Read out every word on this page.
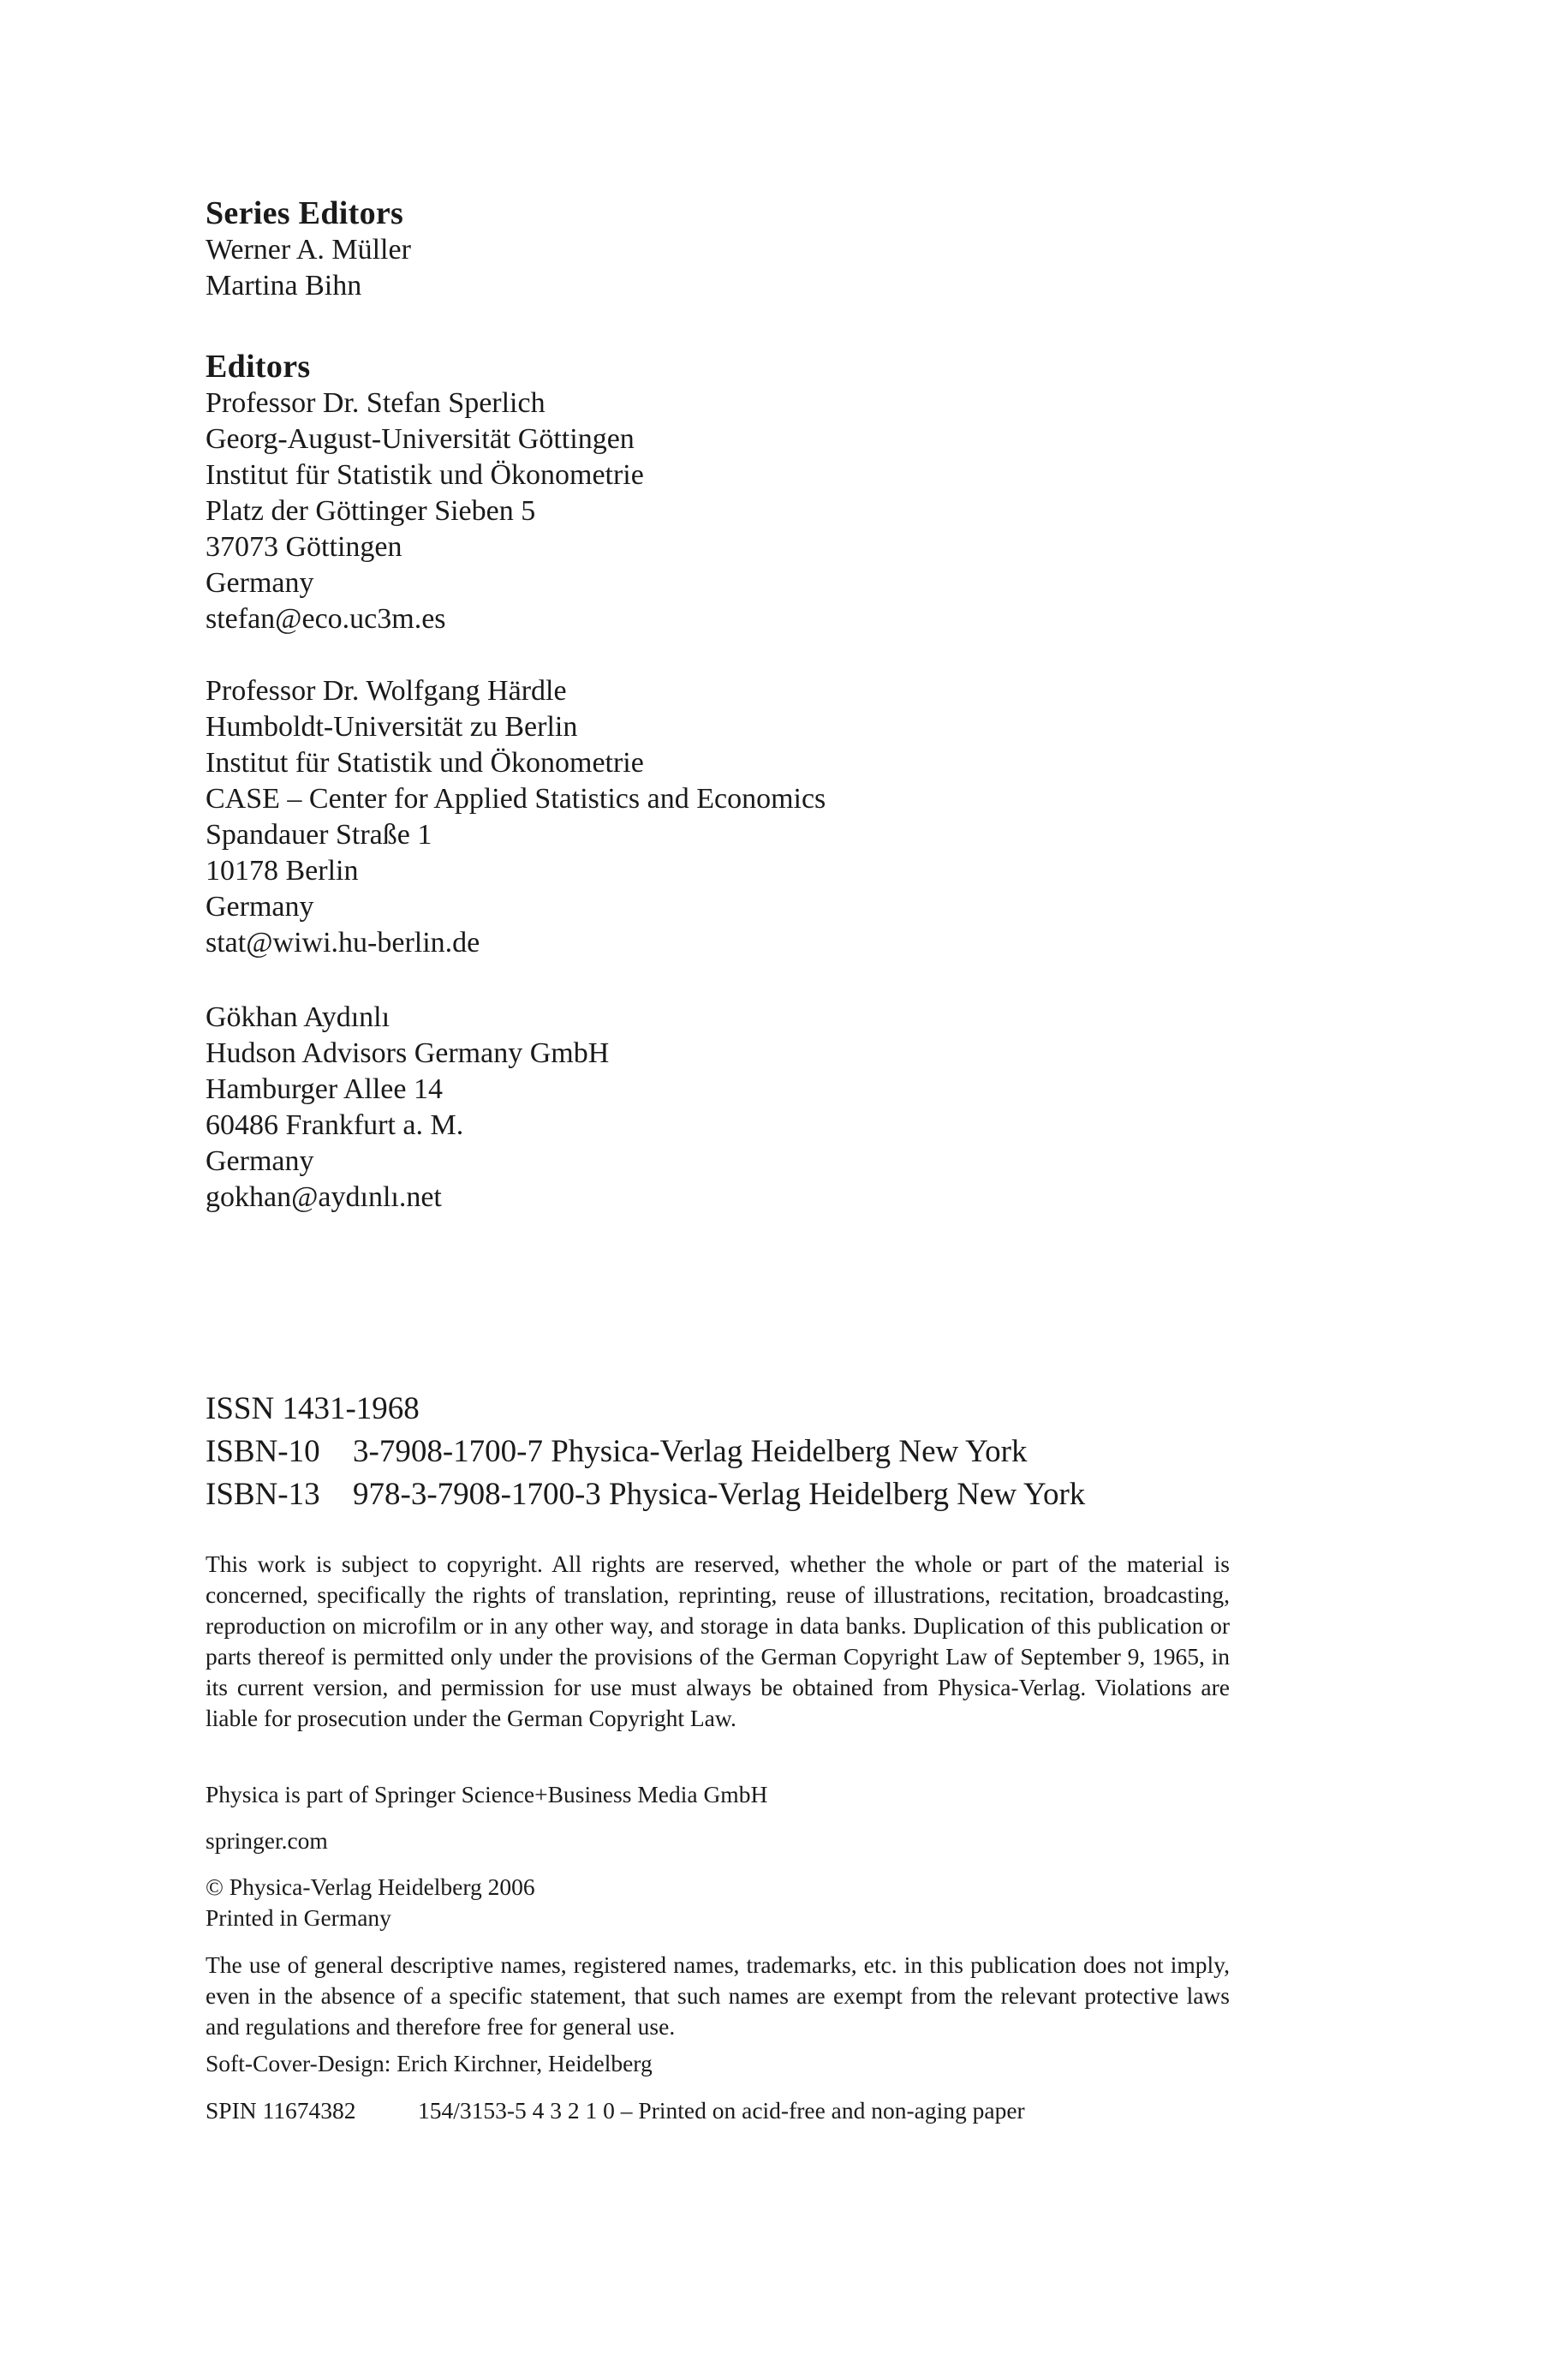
Series Editors
Werner A. Müller
Martina Bihn
Editors
Professor Dr. Stefan Sperlich
Georg-August-Universität Göttingen
Institut für Statistik und Ökonometrie
Platz der Göttinger Sieben 5
37073 Göttingen
Germany
stefan@eco.uc3m.es
Professor Dr. Wolfgang Härdle
Humboldt-Universität zu Berlin
Institut für Statistik und Ökonometrie
CASE – Center for Applied Statistics and Economics
Spandauer Straße 1
10178 Berlin
Germany
stat@wiwi.hu-berlin.de
Gökhan Aydınlı
Hudson Advisors Germany GmbH
Hamburger Allee 14
60486 Frankfurt a. M.
Germany
gokhan@aydınlı.net
ISSN 1431-1968
ISBN-10 3-7908-1700-7 Physica-Verlag Heidelberg New York
ISBN-13 978-3-7908-1700-3 Physica-Verlag Heidelberg New York
This work is subject to copyright. All rights are reserved, whether the whole or part of the material is concerned, specifically the rights of translation, reprinting, reuse of illustrations, recitation, broadcasting, reproduction on microfilm or in any other way, and storage in data banks. Duplication of this publication or parts thereof is permitted only under the provisions of the German Copyright Law of September 9, 1965, in its current version, and permission for use must always be obtained from Physica-Verlag. Violations are liable for prosecution under the German Copyright Law.
Physica is part of Springer Science+Business Media GmbH
springer.com
© Physica-Verlag Heidelberg 2006
Printed in Germany
The use of general descriptive names, registered names, trademarks, etc. in this publication does not imply, even in the absence of a specific statement, that such names are exempt from the relevant protective laws and regulations and therefore free for general use.
Soft-Cover-Design: Erich Kirchner, Heidelberg
SPIN 11674382	154/3153-5 4 3 2 1 0 – Printed on acid-free and non-aging paper
